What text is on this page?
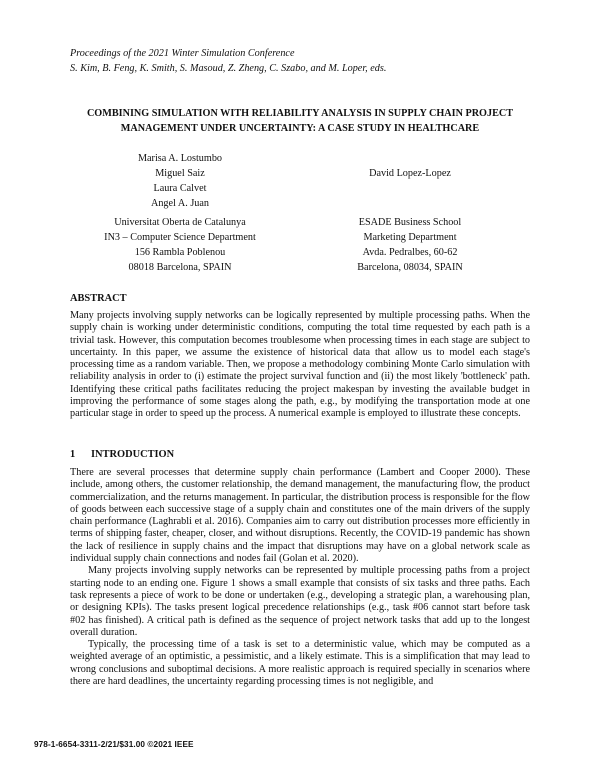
Proceedings of the 2021 Winter Simulation Conference
S. Kim, B. Feng, K. Smith, S. Masoud, Z. Zheng, C. Szabo, and M. Loper, eds.
COMBINING SIMULATION WITH RELIABILITY ANALYSIS IN SUPPLY CHAIN PROJECT
MANAGEMENT UNDER UNCERTAINTY: A CASE STUDY IN HEALTHCARE
Marisa A. Lostumbo
Miguel Saiz
Laura Calvet
Angel A. Juan
David Lopez-Lopez
Universitat Oberta de Catalunya
IN3 – Computer Science Department
156 Rambla Poblenou
08018 Barcelona, SPAIN
ESADE Business School
Marketing Department
Avda. Pedralbes, 60-62
Barcelona, 08034, SPAIN
ABSTRACT

Many projects involving supply networks can be logically represented by multiple processing paths. When the supply chain is working under deterministic conditions, computing the total time requested by each path is a trivial task. However, this computation becomes troublesome when processing times in each stage are subject to uncertainty. In this paper, we assume the existence of historical data that allow us to model each stage's processing time as a random variable. Then, we propose a methodology combining Monte Carlo simulation with reliability analysis in order to (i) estimate the project survival function and (ii) the most likely 'bottleneck' path. Identifying these critical paths facilitates reducing the project makespan by investing the available budget in improving the performance of some stages along the path, e.g., by modifying the transportation mode at one particular stage in order to speed up the process. A numerical example is employed to illustrate these concepts.

1 INTRODUCTION

There are several processes that determine supply chain performance (Lambert and Cooper 2000). These include, among others, the customer relationship, the demand management, the manufacturing flow, the product commercialization, and the returns management. In particular, the distribution process is responsible for the flow of goods between each successive stage of a supply chain and constitutes one of the main drivers of the supply chain performance (Laghrabli et al. 2016). Companies aim to carry out distribution processes more efficiently in terms of shipping faster, cheaper, closer, and without disruptions. Recently, the COVID-19 pandemic has shown the lack of resilience in supply chains and the impact that disruptions may have on a global network scale as individual supply chain connections and nodes fail (Golan et al. 2020).

Many projects involving supply networks can be represented by multiple processing paths from a project starting node to an ending one. Figure 1 shows a small example that consists of six tasks and three paths. Each task represents a piece of work to be done or undertaken (e.g., developing a strategic plan, a warehousing plan, or designing KPIs). The tasks present logical precedence relationships (e.g., task #06 cannot start before task #02 has finished). A critical path is defined as the sequence of project network tasks that add up to the longest overall duration.

Typically, the processing time of a task is set to a deterministic value, which may be computed as a weighted average of an optimistic, a pessimistic, and a likely estimate. This is a simplification that may lead to wrong conclusions and suboptimal decisions. A more realistic approach is required specially in scenarios where there are hard deadlines, the uncertainty regarding processing times is not negligible, and

978-1-6654-3311-2/21/$31.00 ©2021 IEEE
